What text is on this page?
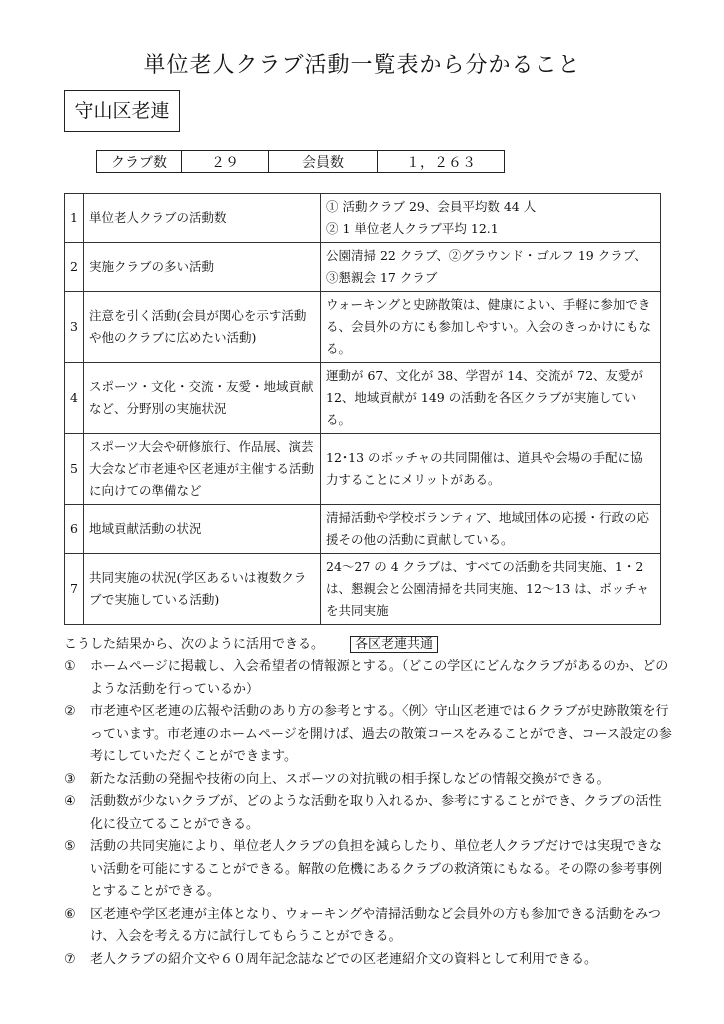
単位老人クラブ活動一覧表から分かること
守山区老連
クラブ数	２９	会員数	１，２６３
1	単位老人クラブの活動数	① 活動クラブ 29、会員平均数 44 人
② 1 単位老人クラブ平均 12.1
2	実施クラブの多い活動	公園清掃 22 クラブ、②グラウンド・ゴルフ 19 クラブ、③懇親会 17 クラブ
3	注意を引く活動(会員が関心を示す活動や他のクラブに広めたい活動)	ウォーキングと史跡散策は、健康によい、手軽に参加できる、会員外の方にも参加しやすい。入会のきっかけにもなる。
4	スポーツ・文化・交流・友愛・地域貢献など、分野別の実施状況	運動が 67、文化が 38、学習が 14、交流が 72、友愛が 12、地域貢献が 149 の活動を各区クラブが実施している。
5	スポーツ大会や研修旅行、作品展、演芸大会など市老連や区老連が主催する活動に向けての準備など	12･13 のボッチャの共同開催は、道具や会場の手配に協力することにメリットがある。
6	地域貢献活動の状況	清掃活動や学校ボランティア、地域団体の応援・行政の応援その他の活動に貢献している。
7	共同実施の状況(学区あるいは複数クラブで実施している活動)	24〜27 の 4 クラブは、すべての活動を共同実施、1・2 は、懇親会と公園清掃を共同実施、12〜13 は、ボッチャを共同実施
こうした結果から、次のように活用できる。 各区老連共通
① ホームページに掲載し、入会希望者の情報源とする。（どこの学区にどんなクラブがあるのか、どのような活動を行っているか）
② 市老連や区老連の広報や活動のあり方の参考とする。〈例〉守山区老連では６クラブが史跡散策を行っています。市老連のホームページを開けば、過去の散策コースをみることができ、コース設定の参考にしていただくことができます。
③ 新たな活動の発掘や技術の向上、スポーツの対抗戦の相手探しなどの情報交換ができる。
④ 活動数が少ないクラブが、どのような活動を取り入れるか、参考にすることができ、クラブの活性化に役立てることができる。
⑤ 活動の共同実施により、単位老人クラブの負担を減らしたり、単位老人クラブだけでは実現できない活動を可能にすることができる。解散の危機にあるクラブの救済策にもなる。その際の参考事例とすることができる。
⑥ 区老連や学区老連が主体となり、ウォーキングや清掃活動など会員外の方も参加できる活動をみつけ、入会を考える方に試行してもらうことができる。
⑦ 老人クラブの紹介文や６０周年記念誌などでの区老連紹介文の資料として利用できる。
